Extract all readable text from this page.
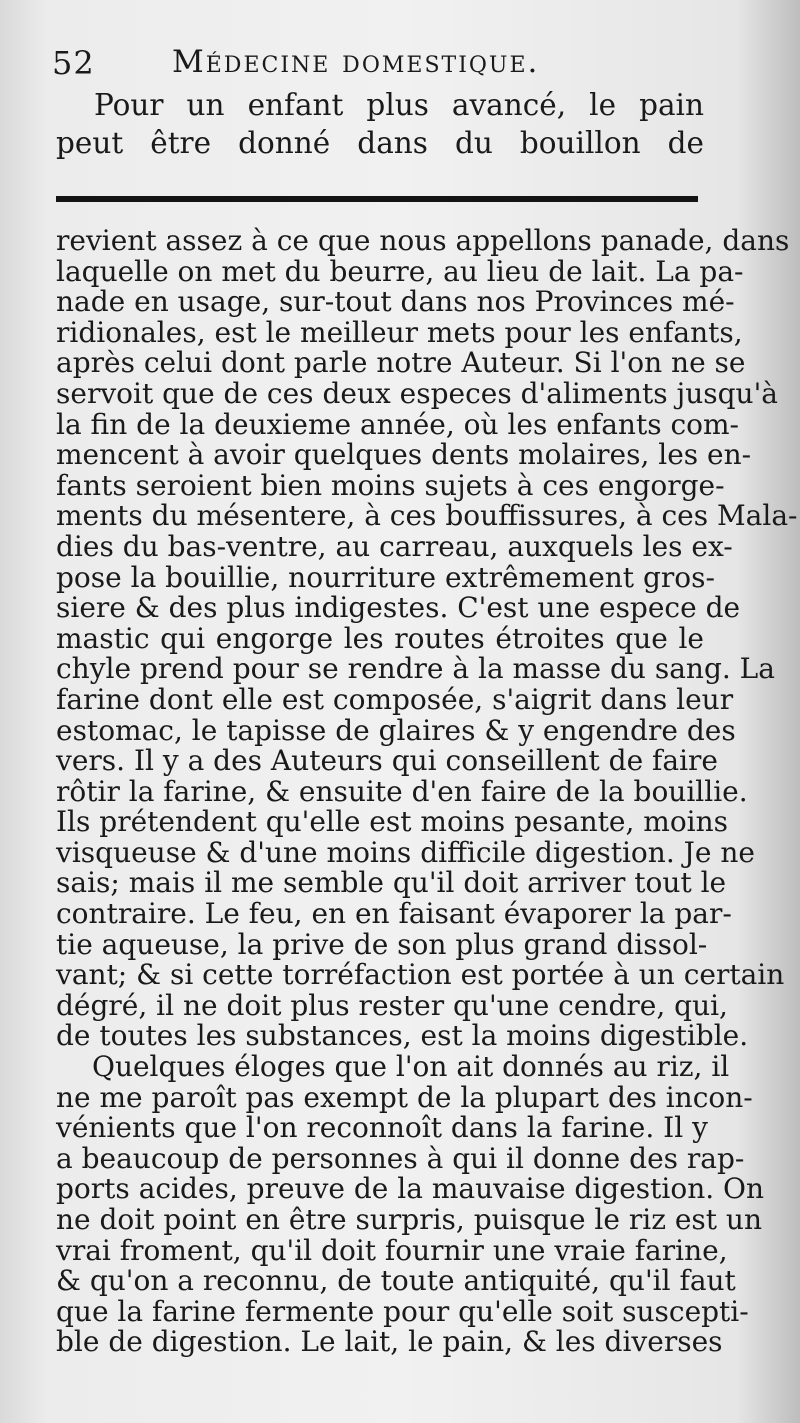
52 Médecine domestique.
Pour un enfant plus avancé, le pain
peut être donné dans du bouillon de
revient assez à ce que nous appellons panade, dans
laquelle on met du beurre, au lieu de lait. La pa-
nade en usage, sur-tout dans nos Provinces mé-
ridionales, est le meilleur mets pour les enfants,
après celui dont parle notre Auteur. Si l'on ne se
servoit que de ces deux especes d'aliments jusqu'à
la fin de la deuxieme année, où les enfants com-
mencent à avoir quelques dents molaires, les en-
fants seroient bien moins sujets à ces engorge-
ments du mésentere, à ces bouffissures, à ces Mala-
dies du bas-ventre, au carreau, auxquels les ex-
pose la bouillie, nourriture extrêmement gros-
siere & des plus indigestes. C'est une espece de
mastic qui engorge les routes étroites que le
chyle prend pour se rendre à la masse du sang. La
farine dont elle est composée, s'aigrit dans leur
estomac, le tapisse de glaires & y engendre des
vers. Il y a des Auteurs qui conseillent de faire
rôtir la farine, & ensuite d'en faire de la bouillie.
Ils prétendent qu'elle est moins pesante, moins
visqueuse & d'une moins difficile digestion. Je ne
sais; mais il me semble qu'il doit arriver tout le
contraire. Le feu, en en faisant évaporer la par-
tie aqueuse, la prive de son plus grand dissol-
vant; & si cette torréfaction est portée à un certain
dégré, il ne doit plus rester qu'une cendre, qui,
de toutes les substances, est la moins digestible.
Quelques éloges que l'on ait donnés au riz, il
ne me paroît pas exempt de la plupart des incon-
vénients que l'on reconnoît dans la farine. Il y
a beaucoup de personnes à qui il donne des rap-
ports acides, preuve de la mauvaise digestion. On
ne doit point en être surpris, puisque le riz est un
vrai froment, qu'il doit fournir une vraie farine,
& qu'on a reconnu, de toute antiquité, qu'il faut
que la farine fermente pour qu'elle soit suscepti-
ble de digestion. Le lait, le pain, & les diverses
